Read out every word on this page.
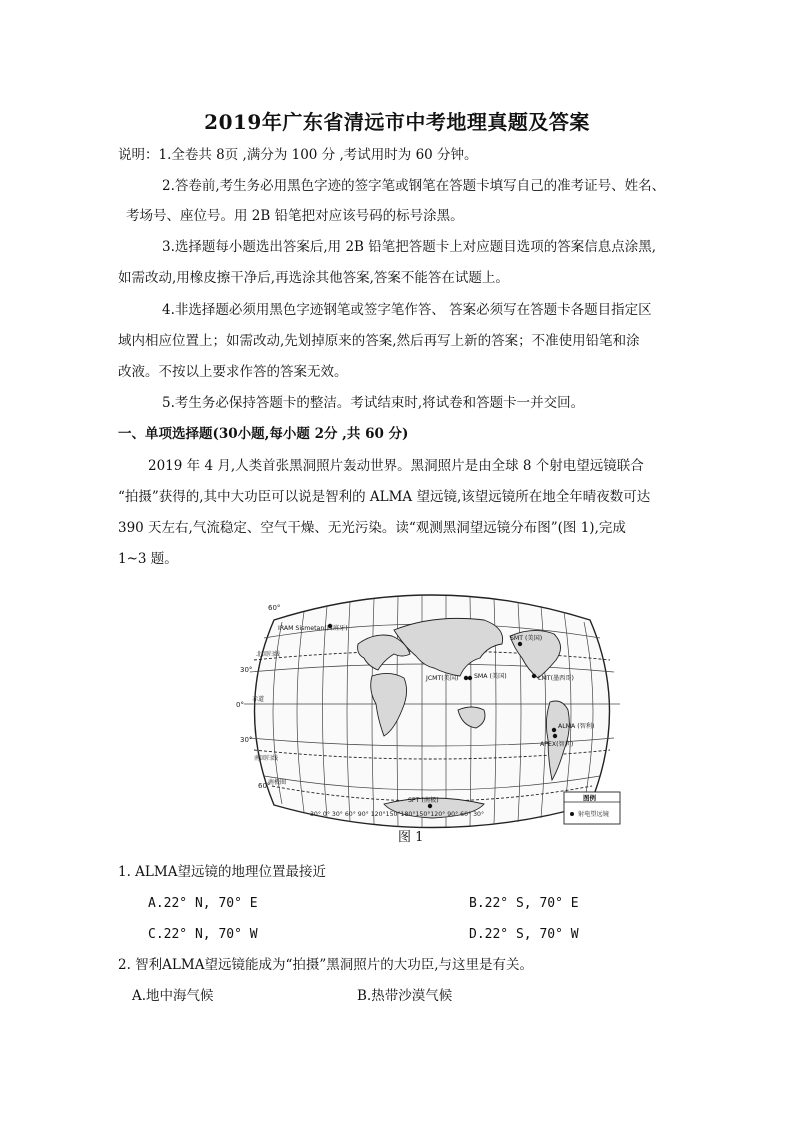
2019年广东省清远市中考地理真题及答案
说明：1.全卷共 8页 ,满分为 100 分 ,考试用时为 60 分钟。
2.答卷前,考生务必用黑色字迹的签字笔或钢笔在答题卡填写自己的准考证号、姓名、
考场号、座位号。用 2B 铅笔把对应该号码的标号涂黑。
3.选择题每小题选出答案后,用 2B 铅笔把答题卡上对应题目选项的答案信息点涂黑,
如需改动,用橡皮擦干净后,再选涂其他答案,答案不能答在试题上。
4.非选择题必须用黑色字迹钢笔或签字笔作答、 答案必须写在答题卡各题目指定区
域内相应位置上；如需改动,先划掉原来的答案,然后再写上新的答案；不准使用铅笔和涂
改液。不按以上要求作答的答案无效。
5.考生务必保持答题卡的整洁。考试结束时,将试卷和答题卡一并交回。
一、单项选择题(30小题,每小题 2分 ,共 60 分)
2019 年 4 月,人类首张黑洞照片轰动世界。黑洞照片是由全球 8 个射电望远镜联合
“拍摄”获得的,其中大功臣可以说是智利的 ALMA 望远镜,该望远镜所在地全年晴夜数可达
390 天左右,气流稳定、空气干燥、无光污染。读“观测黑洞望远镜分布图”(图 1),完成
1~3 题。
60°
30°
0°
30°
60°
北回归线
赤道
南回归线
南极圈
IRAM Sismetan(西班牙)
SMT (美国)
JCMT(美国)	SMA (美国)	LMT(墨西哥)
ALMA (智利)
APEX(智利)
SPT (南极)
30° 0° 30° 60° 90° 120°150°180°150°120° 90° 60° 30°
图例
射电望远镜
图 1
1. ALMA望远镜的地理位置最接近
A.22° N, 70° E	B.22° S, 70° E
C.22° N, 70° W	D.22° S, 70° W
2. 智利ALMA望远镜能成为“拍摄”黑洞照片的大功臣,与这里是有关。
A.地中海气候	B.热带沙漠气候
